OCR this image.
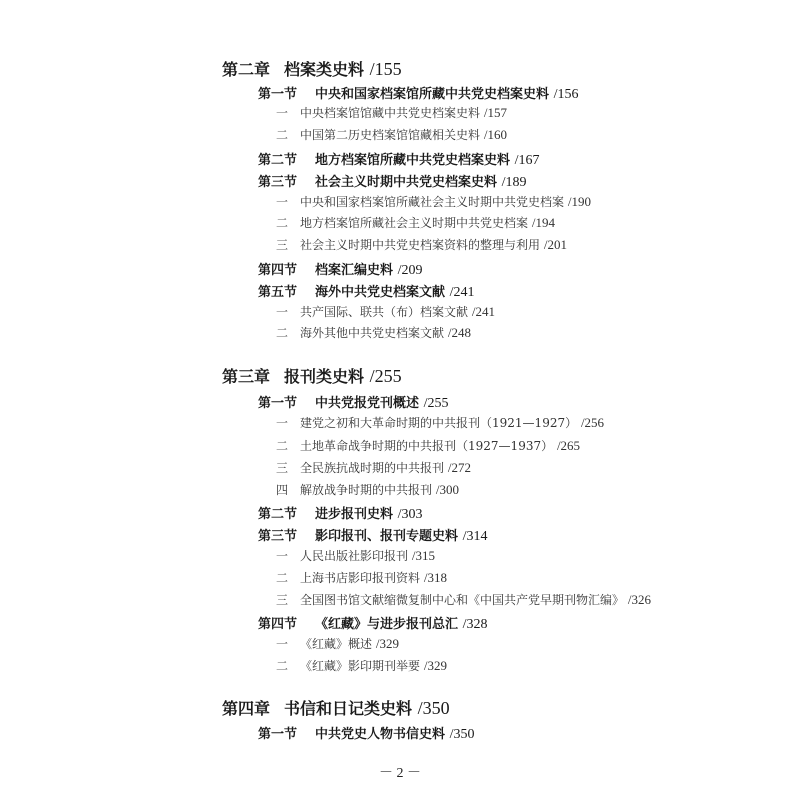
第二章 档案类史料 /155
第一节 中央和国家档案馆所藏中共党史档案史料 /156
一 中央档案馆馆藏中共党史档案史料 /157
二 中国第二历史档案馆馆藏相关史料 /160
第二节 地方档案馆所藏中共党史档案史料 /167
第三节 社会主义时期中共党史档案史料 /189
一 中央和国家档案馆所藏社会主义时期中共党史档案 /190
二 地方档案馆所藏社会主义时期中共党史档案 /194
三 社会主义时期中共党史档案资料的整理与利用 /201
第四节 档案汇编史料 /209
第五节 海外中共党史档案文献 /241
一 共产国际、联共（布）档案文献 /241
二 海外其他中共党史档案文献 /248
第三章 报刊类史料 /255
第一节 中共党报党刊概述 /255
一 建党之初和大革命时期的中共报刊（1921—1927） /256
二 土地革命战争时期的中共报刊（1927—1937） /265
三 全民族抗战时期的中共报刊 /272
四 解放战争时期的中共报刊 /300
第二节 进步报刊史料 /303
第三节 影印报刊、报刊专题史料 /314
一 人民出版社影印报刊 /315
二 上海书店影印报刊资料 /318
三 全国图书馆文献缩微复制中心和《中国共产党早期刊物汇编》 /326
第四节 《红藏》与进步报刊总汇 /328
一 《红藏》概述 /329
二 《红藏》影印期刊举要 /329
第四章 书信和日记类史料 /350
第一节 中共党史人物书信史料 /350
－ 2 －
